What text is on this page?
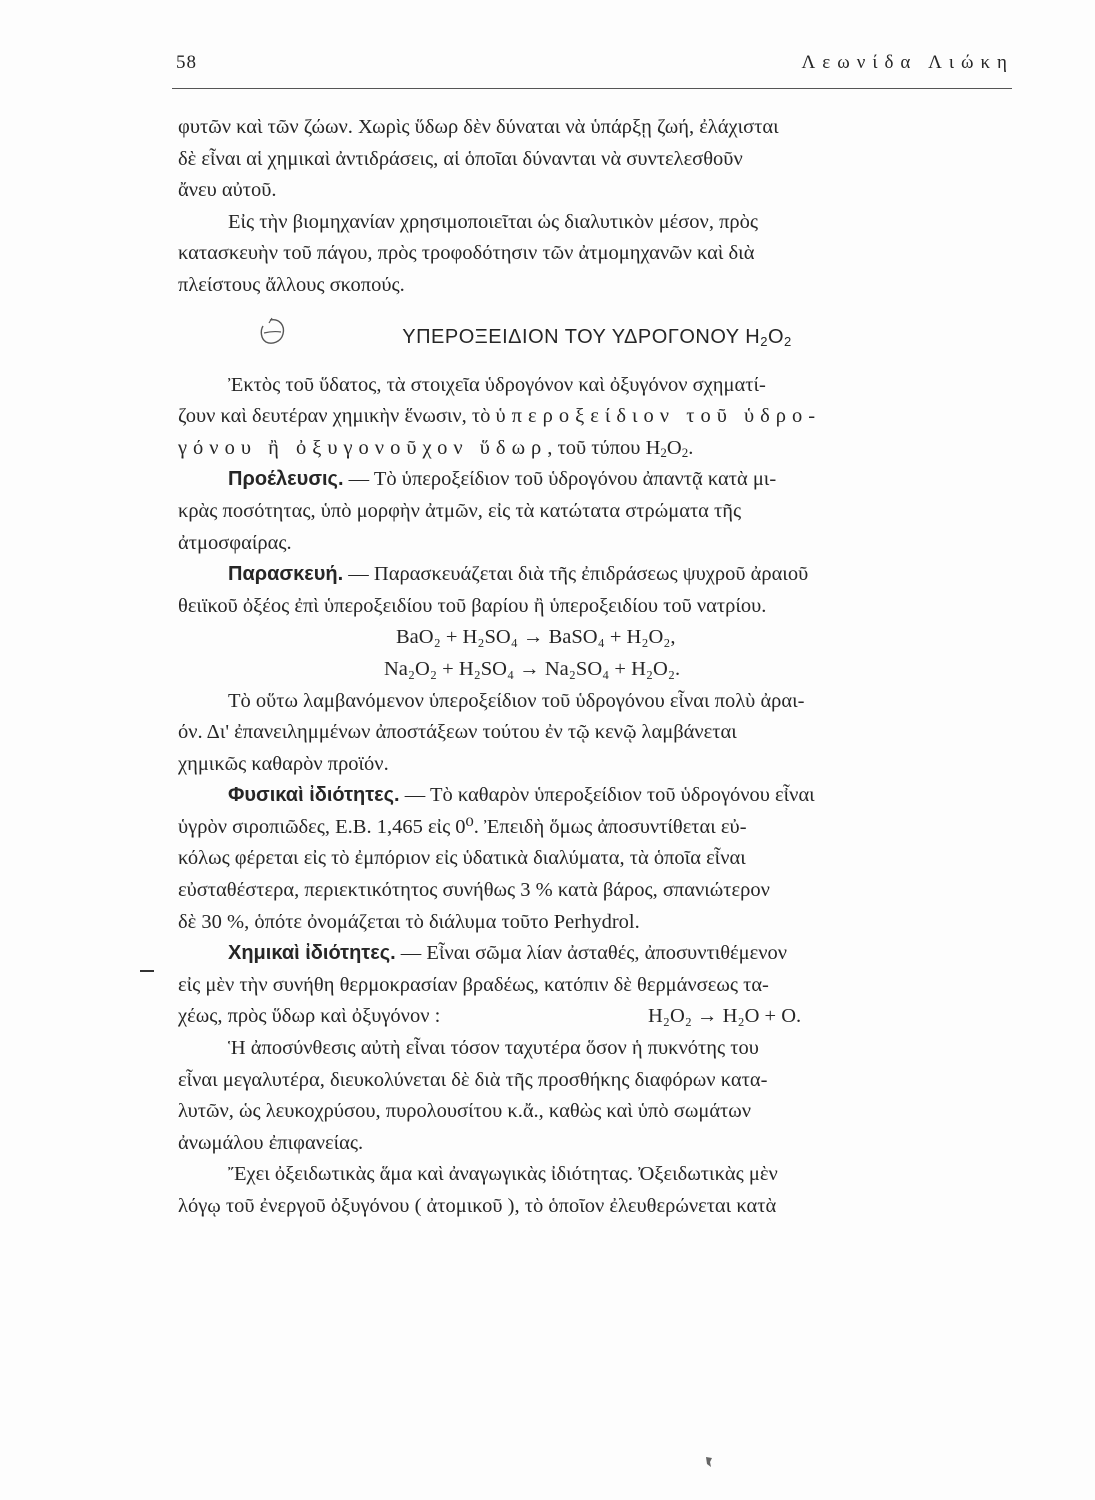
58	Λεωνίδα Λιώκη

φυτῶν καὶ τῶν ζώων. Χωρὶς ὕδωρ δὲν δύναται νὰ ὑπάρξῃ ζωή, ἐλάχισται

δὲ εἶναι αἱ χημικαὶ ἀντιδράσεις, αἱ ὁποῖαι δύνανται νὰ συντελεσθοῦν

ἄνευ αὐτοῦ.

Εἰς τὴν βιομηχανίαν χρησιμοποιεῖται ὡς διαλυτικὸν μέσον, πρὸς

κατασκευὴν τοῦ πάγου, πρὸς τροφοδότησιν τῶν ἀτμομηχανῶν καὶ διὰ

πλείστους ἄλλους σκοπούς.

ΥΠΕΡΟΞΕΙΔΙΟΝ ΤΟΥ ΥΔΡΟΓΟΝΟΥ $H_2O_2$

Ἐκτὸς τοῦ ὕδατος, τὰ στοιχεῖα ὑδρογόνον καὶ ὀξυγόνον σχηματί-

ζουν καὶ δευτέραν χημικὴν ἕνωσιν, τὸ ὑπεροξείδιον τοῦ ὑδρο-

γόνου ἢ ὀξυγονοῦχον ὕδωρ, τοῦ τύπου $H_2O_2$.

Προέλευσις. — Τὸ ὑπεροξείδιον τοῦ ὑδρογόνου ἀπαντᾷ κατὰ μι-

κρὰς ποσότητας, ὑπὸ μορφὴν ἀτμῶν, εἰς τὰ κατώτατα στρώματα τῆς

ἀτμοσφαίρας.

Παρασκευή. — Παρασκευάζεται διὰ τῆς ἐπιδράσεως ψυχροῦ ἀραιοῦ

θειϊκοῦ ὀξέος ἐπὶ ὑπεροξειδίου τοῦ βαρίου ἢ ὑπεροξειδίου τοῦ νατρίου.

BaO₂ + H₂SO₄ → BaSO₄ + H₂O₂,

Na₂O₂ + H₂SO₄ → Na₂SO₄ + H₂O₂.

Τὸ οὕτω λαμβανόμενον ὑπεροξείδιον τοῦ ὑδρογόνου εἶναι πολὺ ἀραι-

όν. Δι' ἐπανειλημμένων ἀποστάξεων τούτου ἐν τῷ κενῷ λαμβάνεται

χημικῶς καθαρὸν προϊόν.

Φυσικαὶ ἰδιότητες. — Τὸ καθαρὸν ὑπεροξείδιον τοῦ ὑδρογόνου εἶναι

ὑγρὸν σιροπιῶδες, Ε.Β. 1,465 εἰς 0⁰. Ἐπειδὴ ὅμως ἀποσυντίθεται εὐ-

κόλως φέρεται εἰς τὸ ἐμπόριον εἰς ὑδατικὰ διαλύματα, τὰ ὁποῖα εἶναι

εὐσταθέστερα, περιεκτικότητος συνήθως 3 % κατὰ βάρος, σπανιώτερον

δὲ 30 %, ὁπότε ὀνομάζεται τὸ διάλυμα τοῦτο Perhydrol.

Χημικαὶ ἰδιότητες. — Εἶναι σῶμα λίαν ἀσταθές, ἀποσυντιθέμενον

εἰς μὲν τὴν συνήθη θερμοκρασίαν βραδέως, κατόπιν δὲ θερμάνσεως τα-

χέως, πρὸς ὕδωρ καὶ ὀξυγόνον :	H₂O₂ → H₂O + O.

Ἡ ἀποσύνθεσις αὐτὴ εἶναι τόσον ταχυτέρα ὅσον ἡ πυκνότης του

εἶναι μεγαλυτέρα, διευκολύνεται δὲ διὰ τῆς προσθήκης διαφόρων κατα-

λυτῶν, ὡς λευκοχρύσου, πυρολουσίτου κ.ἄ., καθὼς καὶ ὑπὸ σωμάτων

ἀνωμάλου ἐπιφανείας.

Ἔχει ὀξειδωτικὰς ἅμα καὶ ἀναγωγικὰς ἰδιότητας. Ὀξειδωτικὰς μὲν

λόγῳ τοῦ ἐνεργοῦ ὀξυγόνου ( ἀτομικοῦ ), τὸ ὁποῖον ἐλευθερώνεται κατὰ
